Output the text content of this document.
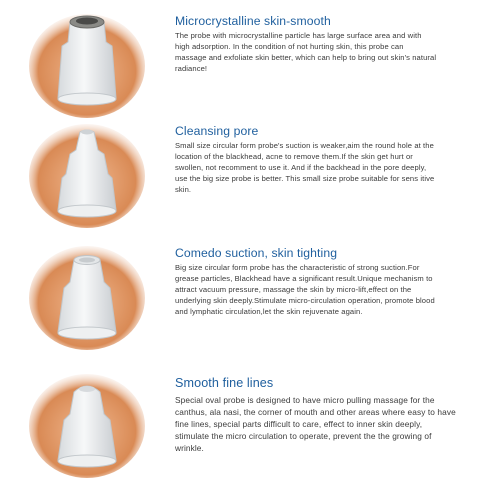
Microcrystalline skin-smooth

The probe with microcrystalline particle has large surface area and with high adsorption. In the condition of not hurting skin, this probe can massage and exfoliate skin better, which can help to bring out skin's natural radiance!

Cleansing pore

Small size circular form probe's suction is weaker,aim the round hole at the location of the blackhead, acne to remove them.If the skin get hurt or swollen, not recomment to use it. And if the backhead in the pore deeply, use the big size probe is better. This small size probe suitable for sens itive skin.

Comedo suction, skin tighting

Big size circular form probe has the characteristic of strong suction.For grease particles, Blackhead have a significant result.Unique mechanism to attract vacuum pressure, massage the skin by micro-lift,effect on the underlying skin deeply.Stimulate micro-circulation operation, promote blood and lymphatic circulation,let the skin rejuvenate again.

Smooth fine lines

Special oval probe is designed to have micro pulling massage for the canthus, ala nasi, the corner of mouth and other areas where easy to have fine lines, special parts difficult to care, effect to inner skin deeply, stimulate the micro circulation to operate, prevent the the growing of wrinkle.
